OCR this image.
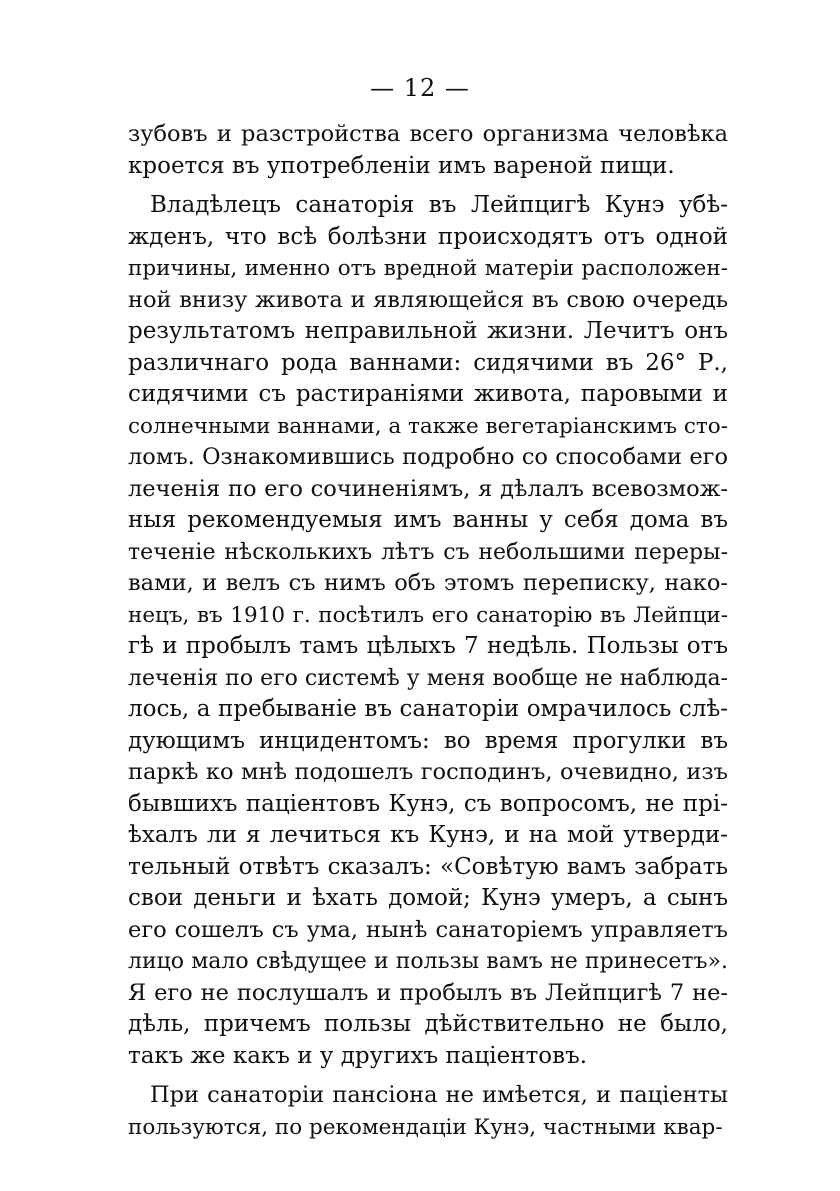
— 12 —
зубовъ и разстройства всего организма человѣка
кроется въ употребленіи имъ вареной пищи.
Владѣлецъ санаторія въ Лейпцигѣ Кунэ убѣ-
жденъ, что всѣ болѣзни происходятъ отъ одной
причины, именно отъ вредной матеріи расположен-
ной внизу живота и являющейся въ свою очередь
результатомъ неправильной жизни. Лечитъ онъ
различнаго рода ваннами: сидячими въ 26° Р.,
сидячими съ растираніями живота, паровыми и
солнечными ваннами, а также вегетаріанскимъ сто-
ломъ. Ознакомившись подробно со способами его
леченія по его сочиненіямъ, я дѣлалъ всевозмож-
ныя рекомендуемыя имъ ванны у себя дома въ
теченіе нѣсколькихъ лѣтъ съ небольшими переры-
вами, и велъ съ нимъ объ этомъ переписку, нако-
нецъ, въ 1910 г. посѣтилъ его санаторію въ Лейпци-
гѣ и пробылъ тамъ цѣлыхъ 7 недѣль. Пользы отъ
леченія по его системѣ у меня вообще не наблюда-
лось, а пребываніе въ санаторіи омрачилось слѣ-
дующимъ инцидентомъ: во время прогулки въ
паркѣ ко мнѣ подошелъ господинъ, очевидно, изъ
бывшихъ паціентовъ Кунэ, съ вопросомъ, не прі-
ѣхалъ ли я лечиться къ Кунэ, и на мой утверди-
тельный отвѣтъ сказалъ: «Совѣтую вамъ забрать
свои деньги и ѣхать домой; Кунэ умеръ, а сынъ
его сошелъ съ ума, нынѣ санаторіемъ управляетъ
лицо мало свѣдущее и пользы вамъ не принесетъ».
Я его не послушалъ и пробылъ въ Лейпцигѣ 7 не-
дѣль, причемъ пользы дѣйствительно не было,
такъ же какъ и у другихъ паціентовъ.
При санаторіи пансіона не имѣется, и паціенты
пользуются, по рекомендаціи Кунэ, частными квар-
